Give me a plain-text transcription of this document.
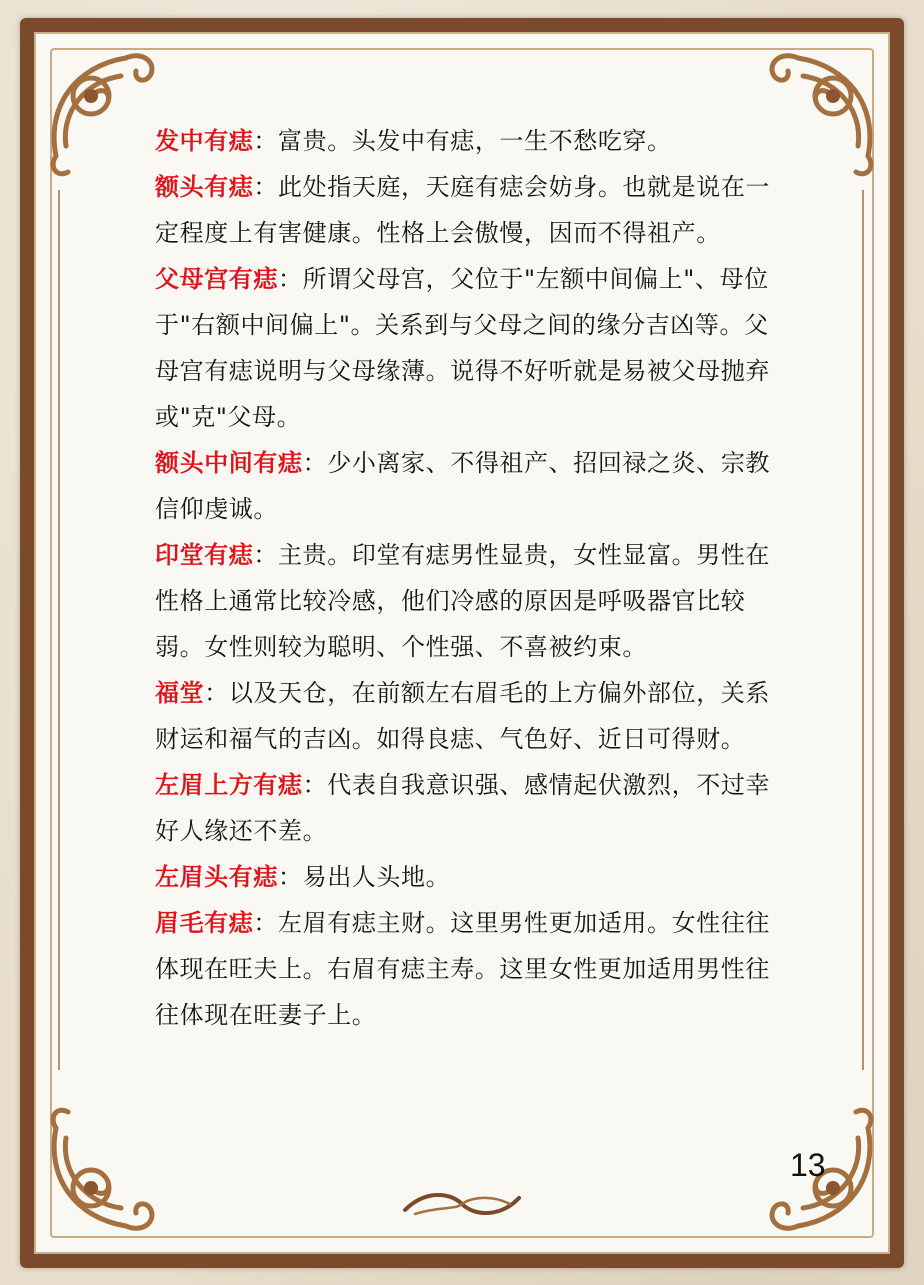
发中有痣：富贵。头发中有痣，一生不愁吃穿。

额头有痣：此处指天庭，天庭有痣会妨身。也就是说在一定程度上有害健康。性格上会傲慢，因而不得祖产。

父母宫有痣：所谓父母宫，父位于"左额中间偏上"、母位于"右额中间偏上"。关系到与父母之间的缘分吉凶等。父母宫有痣说明与父母缘薄。说得不好听就是易被父母抛弃或"克"父母。

额头中间有痣：少小离家、不得祖产、招回禄之炎、宗教信仰虔诚。

印堂有痣：主贵。印堂有痣男性显贵，女性显富。男性在性格上通常比较冷感，他们冷感的原因是呼吸器官比较弱。女性则较为聪明、个性强、不喜被约束。

福堂：以及天仓，在前额左右眉毛的上方偏外部位，关系财运和福气的吉凶。如得良痣、气色好、近日可得财。

左眉上方有痣：代表自我意识强、感情起伏激烈，不过幸好人缘还不差。

左眉头有痣：易出人头地。

眉毛有痣：左眉有痣主财。这里男性更加适用。女性往往体现在旺夫上。右眉有痣主寿。这里女性更加适用男性往往体现在旺妻子上。

13
